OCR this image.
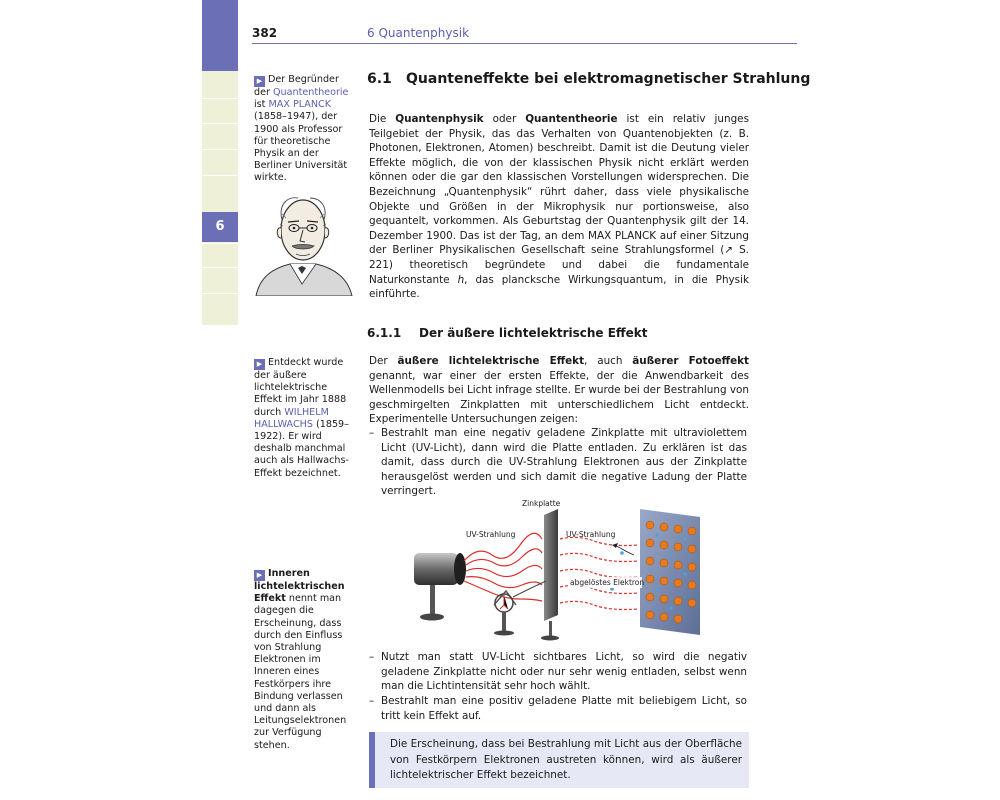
6
382	6 Quantenphysik
▶ Der Begründer der Quantentheorie ist MAX PLANCK (1858–1947), der 1900 als Professor für theoretische Physik an der Berliner Universität wirkte.
▶ Entdeckt wurde der äußere lichtelektrische Effekt im Jahr 1888 durch WILHELM HALLWACHS (1859–1922). Er wird deshalb manchmal auch als Hallwachs-Effekt bezeichnet.
▶ Inneren lichtelektrischen Effekt nennt man dagegen die Erscheinung, dass durch den Einfluss von Strahlung Elektronen im Inneren eines Festkörpers ihre Bindung verlassen und dann als Leitungselektronen zur Verfügung stehen.
6.1 Quanteneffekte bei elektromagnetischer Strahlung
Die Quantenphysik oder Quantentheorie ist ein relativ junges Teilgebiet der Physik, das das Verhalten von Quantenobjekten (z. B. Photonen, Elektronen, Atomen) beschreibt. Damit ist die Deutung vieler Effekte möglich, die von der klassischen Physik nicht erklärt werden können oder die gar den klassischen Vorstellungen widersprechen. Die Bezeichnung „Quantenphysik“ rührt daher, dass viele physikalische Objekte und Größen in der Mikrophysik nur portionsweise, also gequantelt, vorkommen. Als Geburtstag der Quantenphysik gilt der 14. Dezember 1900. Das ist der Tag, an dem MAX PLANCK auf einer Sitzung der Berliner Physikalischen Gesellschaft seine Strahlungsformel (↗ S. 221) theoretisch begründete und dabei die fundamentale Naturkonstante h, das plancksche Wirkungsquantum, in die Physik einführte.
6.1.1 Der äußere lichtelektrische Effekt
Der äußere lichtelektrische Effekt, auch äußerer Fotoeffekt genannt, war einer der ersten Effekte, der die Anwendbarkeit des Wellenmodells bei Licht infrage stellte. Er wurde bei der Bestrahlung von geschmirgelten Zinkplatten mit unterschiedlichem Licht entdeckt. Experimentelle Untersuchungen zeigen:
– Bestrahlt man eine negativ geladene Zinkplatte mit ultraviolettem Licht (UV-Licht), dann wird die Platte entladen. Zu erklären ist das damit, dass durch die UV-Strahlung Elektronen aus der Zinkplatte herausgelöst werden und sich damit die negative Ladung der Platte verringert.
Zinkplatte
UV-Strahlung	UV-Strahlung
abgelöstes Elektron
– Nutzt man statt UV-Licht sichtbares Licht, so wird die negativ geladene Zinkplatte nicht oder nur sehr wenig entladen, selbst wenn man die Lichtintensität sehr hoch wählt.
– Bestrahlt man eine positiv geladene Platte mit beliebigem Licht, so tritt kein Effekt auf.
Die Erscheinung, dass bei Bestrahlung mit Licht aus der Oberfläche von Festkörpern Elektronen austreten können, wird als äußerer lichtelektrischer Effekt bezeichnet.
